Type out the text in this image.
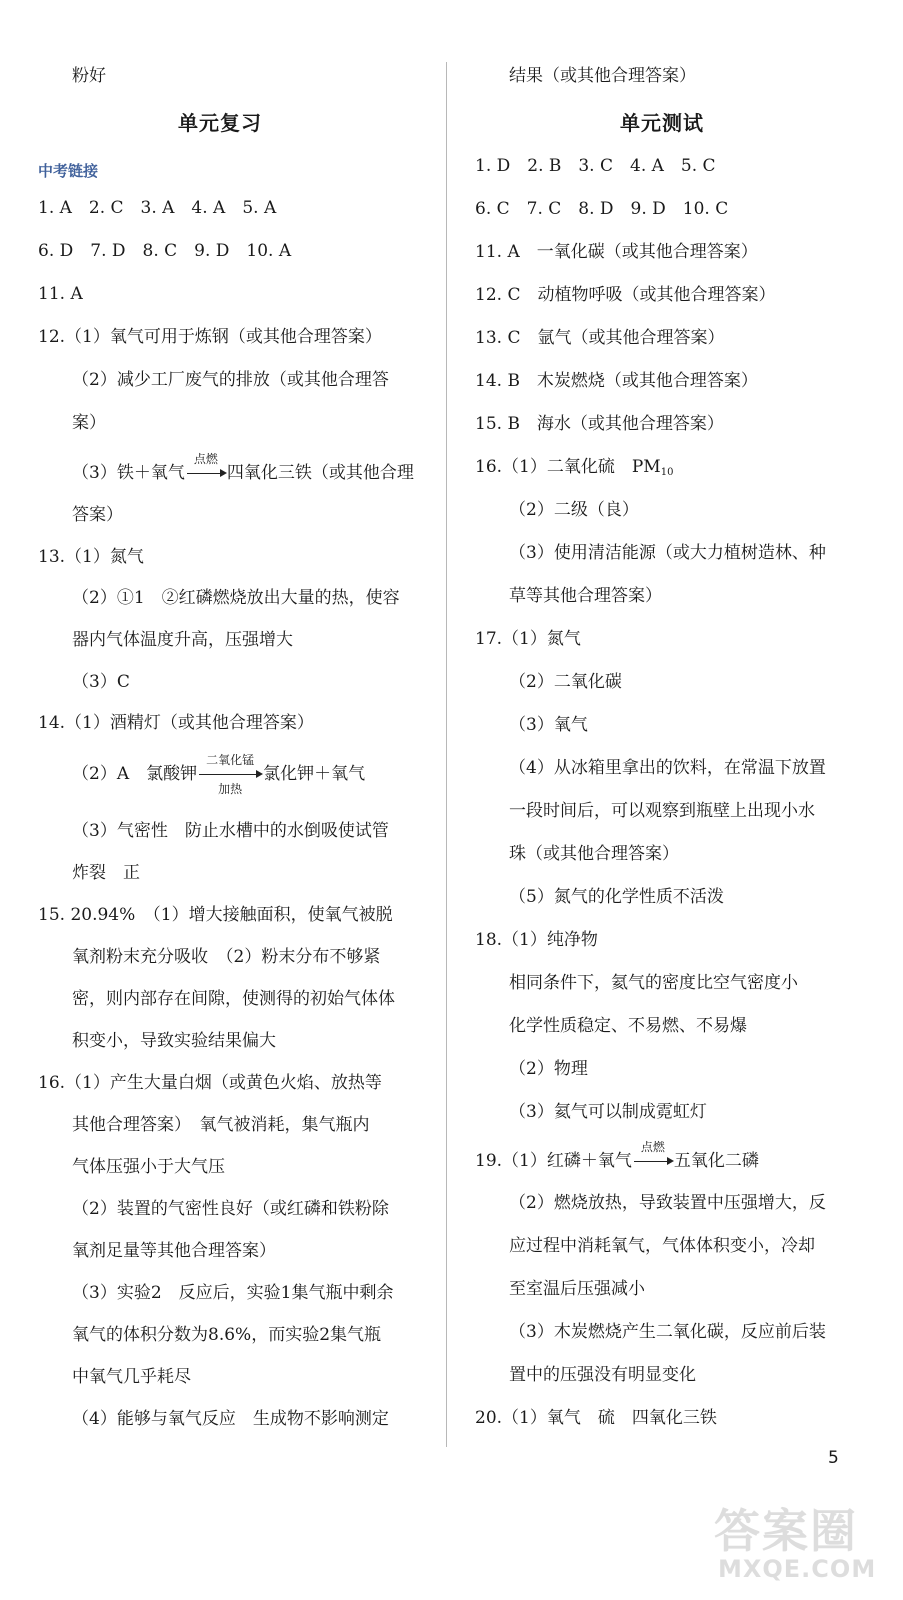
粉好
单元复习
中考链接
1. A　2. C　3. A　4. A　5. A
6. D　7. D　8. C　9. D　10. A
11. A
12.（1）氧气可用于炼钢（或其他合理答案）
（2）减少工厂废气的排放（或其他合理答
案）
（3）铁＋氧气
点燃
四氧化三铁（或其他合理
答案）
13.（1）氮气
（2）①1　②红磷燃烧放出大量的热，使容
器内气体温度升高，压强增大
（3）C
14.（1）酒精灯（或其他合理答案）
（2）A　氯酸钾
二氧化锰
加热
氯化钾＋氧气
（3）气密性　防止水槽中的水倒吸使试管
炸裂　正
15. 20.94%　（1）增大接触面积，使氧气被脱
氧剂粉末充分吸收　（2）粉末分布不够紧
密，则内部存在间隙，使测得的初始气体体
积变小，导致实验结果偏大
16.（1）产生大量白烟（或黄色火焰、放热等
其他合理答案）　氧气被消耗，集气瓶内
气体压强小于大气压
（2）装置的气密性良好（或红磷和铁粉除
氧剂足量等其他合理答案）
（3）实验2　反应后，实验1集气瓶中剩余
氧气的体积分数为8.6%，而实验2集气瓶
中氧气几乎耗尽
（4）能够与氧气反应　生成物不影响测定
结果（或其他合理答案）
单元测试
1. D　2. B　3. C　4. A　5. C
6. C　7. C　8. D　9. D　10. C
11. A　一氧化碳（或其他合理答案）
12. C　动植物呼吸（或其他合理答案）
13. C　氩气（或其他合理答案）
14. B　木炭燃烧（或其他合理答案）
15. B　海水（或其他合理答案）
16.（1）二氧化硫　$PM_{10}$
（2）二级（良）
（3）使用清洁能源（或大力植树造林、种
草等其他合理答案）
17.（1）氮气
（2）二氧化碳
（3）氧气
（4）从冰箱里拿出的饮料，在常温下放置
一段时间后，可以观察到瓶壁上出现小水
珠（或其他合理答案）
（5）氮气的化学性质不活泼
18.（1）纯净物
相同条件下，氦气的密度比空气密度小
化学性质稳定、不易燃、不易爆
（2）物理
（3）氦气可以制成霓虹灯
19.（1）红磷＋氧气
点燃
五氧化二磷
（2）燃烧放热，导致装置中压强增大，反
应过程中消耗氧气，气体体积变小，冷却
至室温后压强减小
（3）木炭燃烧产生二氧化碳，反应前后装
置中的压强没有明显变化
20.（1）氧气　硫　四氧化三铁
5
答案圈
MXQE.COM
